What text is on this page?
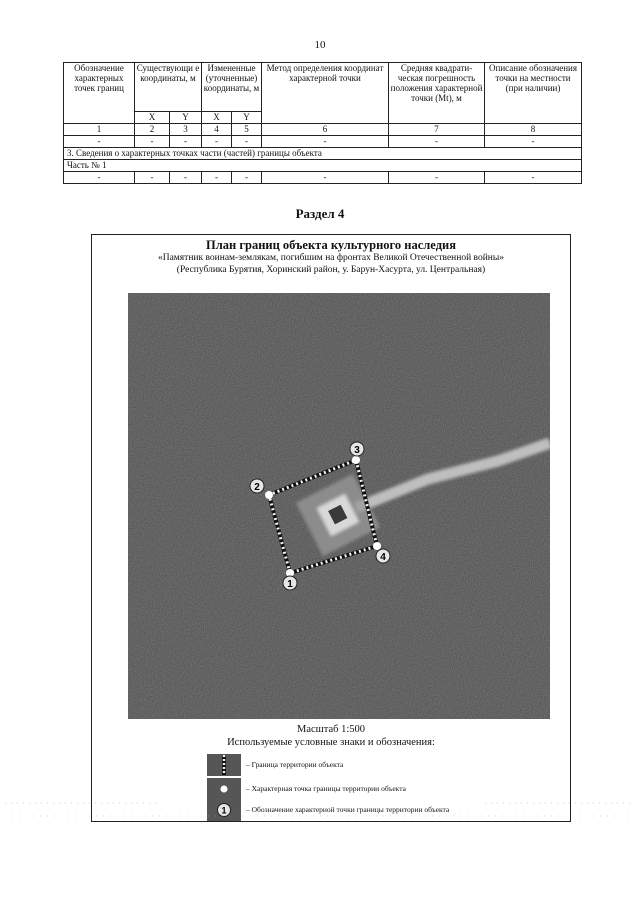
10
Обозначение характерных точек границ	Существующи е координаты, м		Измененные (уточненные) координаты, м		Метод определения координат характерной точки	Средняя квадрати-ческая погрешность положения характерной точки (Mt), м	Описание обозначения точки на местности (при наличии)
	X	Y	X	Y			
1	2	3	4	5	6	7	8
-	-	-	-	-	-	-	-
3. Сведения о характерных точках части (частей) границы объекта							
Часть № 1							
-	-	-	-	-	-	-	-
Раздел 4
План границ объекта культурного наследия
«Памятник воинам-землякам, погибшим на фронтах Великой Отечественной войны»
(Республика Бурятия, Хоринский район, у. Барун-Хасурта, ул. Центральная)
1
2
3
4
Масштаб 1:500
Используемые условные знаки и обозначения:
– Граница территории объекта
– Характерная точка границы территории объекта
1	– Обозначение характерной точки границы территории объекта
